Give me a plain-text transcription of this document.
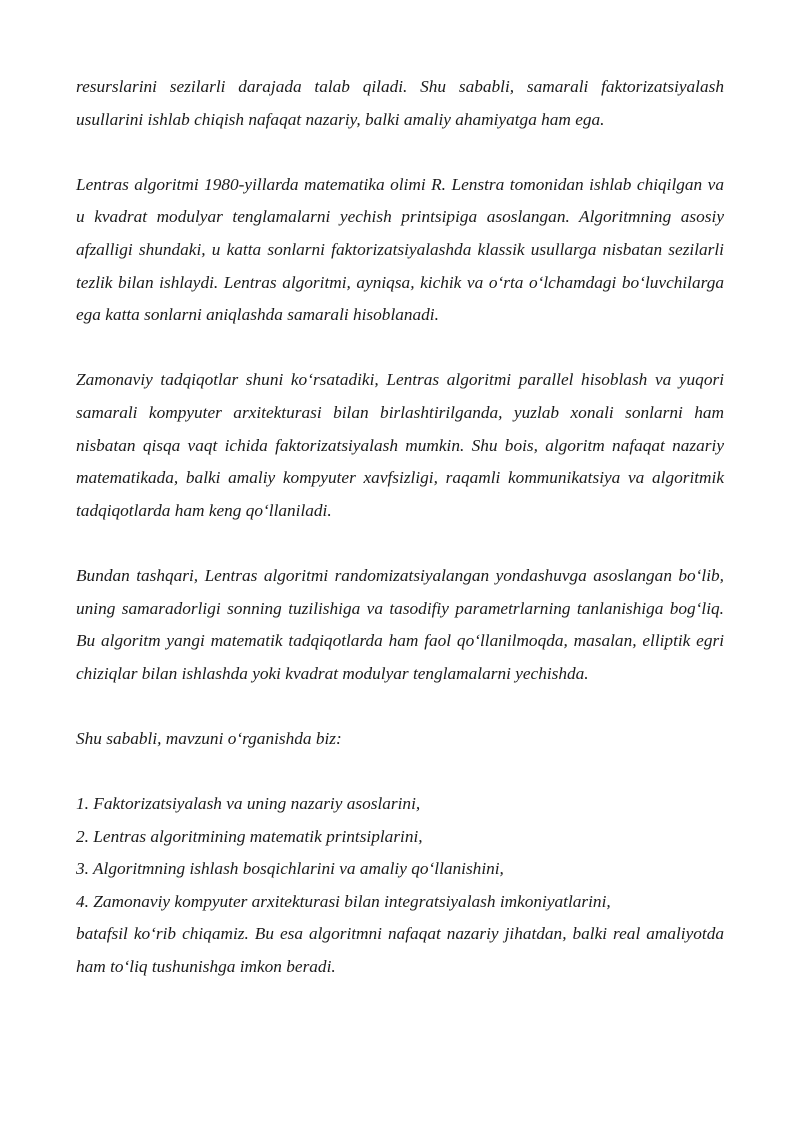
resurslarini sezilarli darajada talab qiladi. Shu sababli, samarali faktorizatsiyalash usullarini ishlab chiqish nafaqat nazariy, balki amaliy ahamiyatga ham ega.

Lentras algoritmi 1980-yillarda matematika olimi R. Lenstra tomonidan ishlab chiqilgan va u kvadrat modulyar tenglamalarni yechish printsipiga asoslangan. Algoritmning asosiy afzalligi shundaki, u katta sonlarni faktorizatsiyalashda klassik usullarga nisbatan sezilarli tezlik bilan ishlaydi. Lentras algoritmi, ayniqsa, kichik va o‘rta o‘lchamdagi bo‘luvchilarga ega katta sonlarni aniqlashda samarali hisoblanadi.

Zamonaviy tadqiqotlar shuni ko‘rsatadiki, Lentras algoritmi parallel hisoblash va yuqori samarali kompyuter arxitekturasi bilan birlashtirilganda, yuzlab xonali sonlarni ham nisbatan qisqa vaqt ichida faktorizatsiyalash mumkin. Shu bois, algoritm nafaqat nazariy matematikada, balki amaliy kompyuter xavfsizligi, raqamli kommunikatsiya va algoritmik tadqiqotlarda ham keng qo‘llaniladi.

Bundan tashqari, Lentras algoritmi randomizatsiyalangan yondashuvga asoslangan bo‘lib, uning samaradorligi sonning tuzilishiga va tasodifiy parametrlarning tanlanishiga bog‘liq. Bu algoritm yangi matematik tadqiqotlarda ham faol qo‘llanilmoqda, masalan, elliptik egri chiziqlar bilan ishlashda yoki kvadrat modulyar tenglamalarni yechishda.

Shu sababli, mavzuni o‘rganishda biz:

1. Faktorizatsiyalash va uning nazariy asoslarini,
2. Lentras algoritmining matematik printsiplarini,
3. Algoritmning ishlash bosqichlarini va amaliy qo‘llanishini,
4. Zamonaviy kompyuter arxitekturasi bilan integratsiyalash imkoniyatlarini,

batafsil ko‘rib chiqamiz. Bu esa algoritmni nafaqat nazariy jihatdan, balki real amaliyotda ham to‘liq tushunishga imkon beradi.
